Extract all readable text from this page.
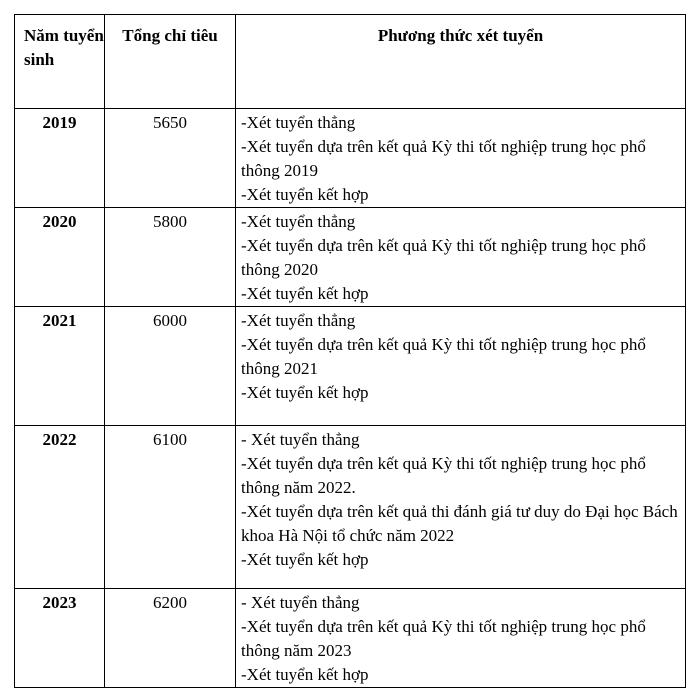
Năm tuyển sinh	Tổng chỉ tiêu	Phương thức xét tuyển
2019	5650	-Xét tuyển thẳng
-Xét tuyển dựa trên kết quả Kỳ thi tốt nghiệp trung học phổ thông 2019
-Xét tuyển kết hợp

2020	5800	-Xét tuyển thẳng
-Xét tuyển dựa trên kết quả Kỳ thi tốt nghiệp trung học phổ thông 2020
-Xét tuyển kết hợp

2021	6000	-Xét tuyển thẳng
-Xét tuyển dựa trên kết quả Kỳ thi tốt nghiệp trung học phổ thông 2021
-Xét tuyển kết hợp

2022	6100	- Xét tuyển thẳng
-Xét tuyển dựa trên kết quả Kỳ thi tốt nghiệp trung học phổ thông năm 2022.
-Xét tuyển dựa trên kết quả thi đánh giá tư duy do Đại học Bách khoa Hà Nội tổ chức năm 2022
-Xét tuyển kết hợp

2023	6200	- Xét tuyển thẳng
-Xét tuyển dựa trên kết quả Kỳ thi tốt nghiệp trung học phổ thông năm 2023
-Xét tuyển kết hợp
